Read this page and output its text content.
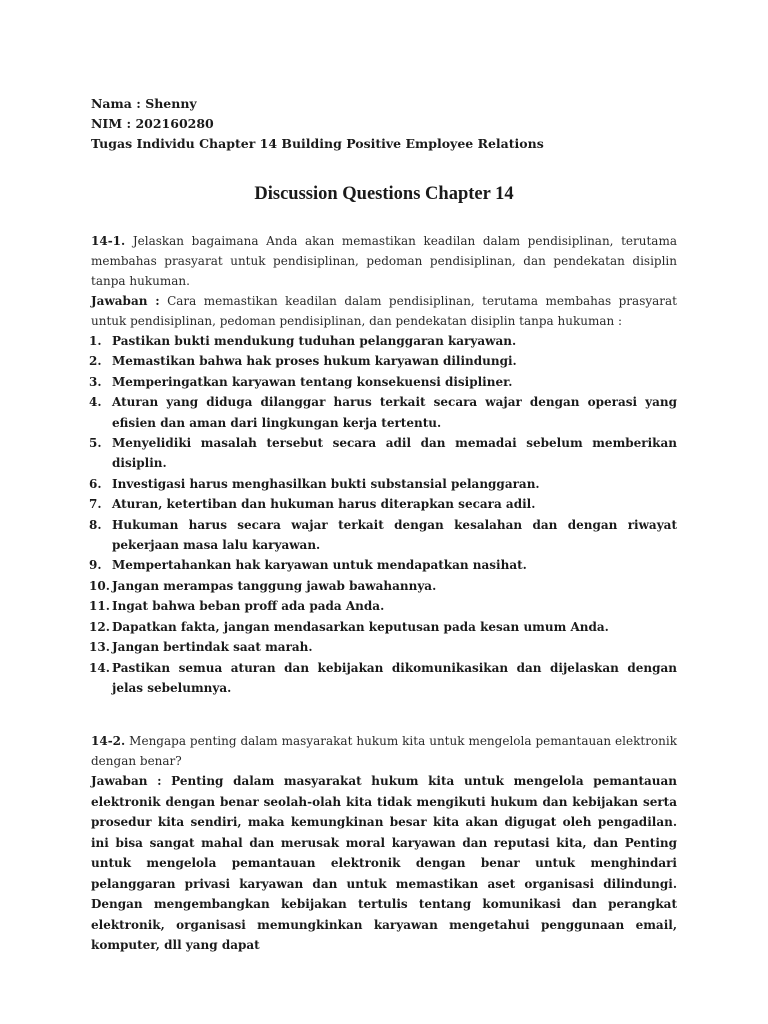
Nama : Shenny
NIM : 202160280
Tugas Individu Chapter 14 Building Positive Employee Relations
Discussion Questions Chapter 14

14-1. Jelaskan bagaimana Anda akan memastikan keadilan dalam pendisiplinan, terutama membahas prasyarat untuk pendisiplinan, pedoman pendisiplinan, dan pendekatan disiplin tanpa hukuman.

Jawaban : Cara memastikan keadilan dalam pendisiplinan, terutama membahas prasyarat untuk pendisiplinan, pedoman pendisiplinan, dan pendekatan disiplin tanpa hukuman :

1. Pastikan bukti mendukung tuduhan pelanggaran karyawan.
2. Memastikan bahwa hak proses hukum karyawan dilindungi.
3. Memperingatkan karyawan tentang konsekuensi disipliner.
4. Aturan yang diduga dilanggar harus terkait secara wajar dengan operasi yang efisien dan aman dari lingkungan kerja tertentu.
5. Menyelidiki masalah tersebut secara adil dan memadai sebelum memberikan disiplin.
6. Investigasi harus menghasilkan bukti substansial pelanggaran.
7. Aturan, ketertiban dan hukuman harus diterapkan secara adil.
8. Hukuman harus secara wajar terkait dengan kesalahan dan dengan riwayat pekerjaan masa lalu karyawan.
9. Mempertahankan hak karyawan untuk mendapatkan nasihat.
10. Jangan merampas tanggung jawab bawahannya.
11. Ingat bahwa beban proff ada pada Anda.
12. Dapatkan fakta, jangan mendasarkan keputusan pada kesan umum Anda.
13. Jangan bertindak saat marah.
14. Pastikan semua aturan dan kebijakan dikomunikasikan dan dijelaskan dengan jelas sebelumnya.

14-2. Mengapa penting dalam masyarakat hukum kita untuk mengelola pemantauan elektronik dengan benar?

Jawaban : Penting dalam masyarakat hukum kita untuk mengelola pemantauan elektronik dengan benar seolah-olah kita tidak mengikuti hukum dan kebijakan serta prosedur kita sendiri, maka kemungkinan besar kita akan digugat oleh pengadilan. ini bisa sangat mahal dan merusak moral karyawan dan reputasi kita, dan Penting untuk mengelola pemantauan elektronik dengan benar untuk menghindari pelanggaran privasi karyawan dan untuk memastikan aset organisasi dilindungi. Dengan mengembangkan kebijakan tertulis tentang komunikasi dan perangkat elektronik, organisasi memungkinkan karyawan mengetahui penggunaan email, komputer, dll yang dapat
